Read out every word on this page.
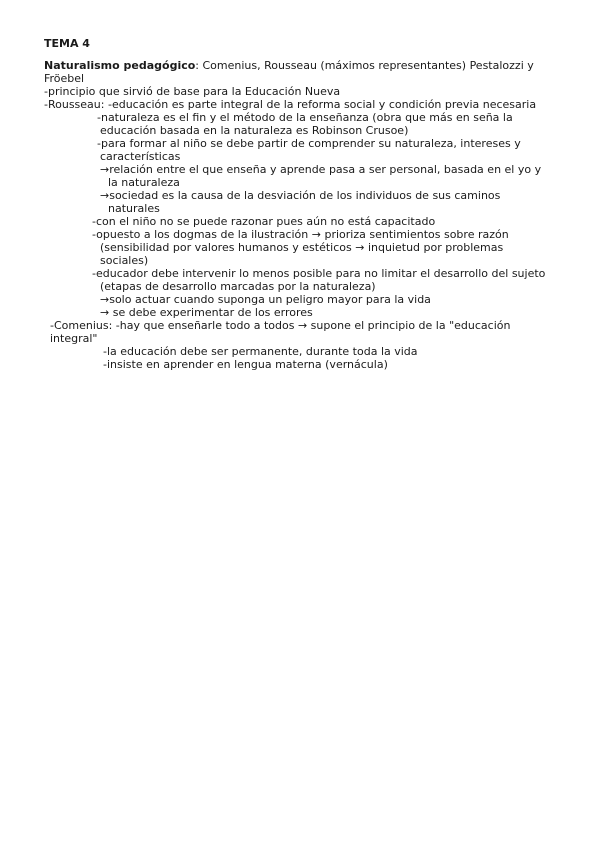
TEMA 4
Naturalismo pedagógico: Comenius, Rousseau (máximos representantes) Pestalozzi y
Fröebel
-principio que sirvió de base para la Educación Nueva
-Rousseau: -educación es parte integral de la reforma social y condición previa necesaria
-naturaleza es el fin y el método de la enseñanza (obra que más en seña la
educación basada en la naturaleza es Robinson Crusoe)
-para formar al niño se debe partir de comprender su naturaleza, intereses y
características
→relación entre el que enseña y aprende pasa a ser personal, basada en el yo y
la naturaleza
→sociedad es la causa de la desviación de los individuos de sus caminos
naturales
-con el niño no se puede razonar pues aún no está capacitado
-opuesto a los dogmas de la ilustración → prioriza sentimientos sobre razón
(sensibilidad por valores humanos y estéticos → inquietud por problemas
sociales)
-educador debe intervenir lo menos posible para no limitar el desarrollo del sujeto
(etapas de desarrollo marcadas por la naturaleza)
→solo actuar cuando suponga un peligro mayor para la vida
→ se debe experimentar de los errores
-Comenius: -hay que enseñarle todo a todos → supone el principio de la "educación
integral"
-la educación debe ser permanente, durante toda la vida
-insiste en aprender en lengua materna (vernácula)
